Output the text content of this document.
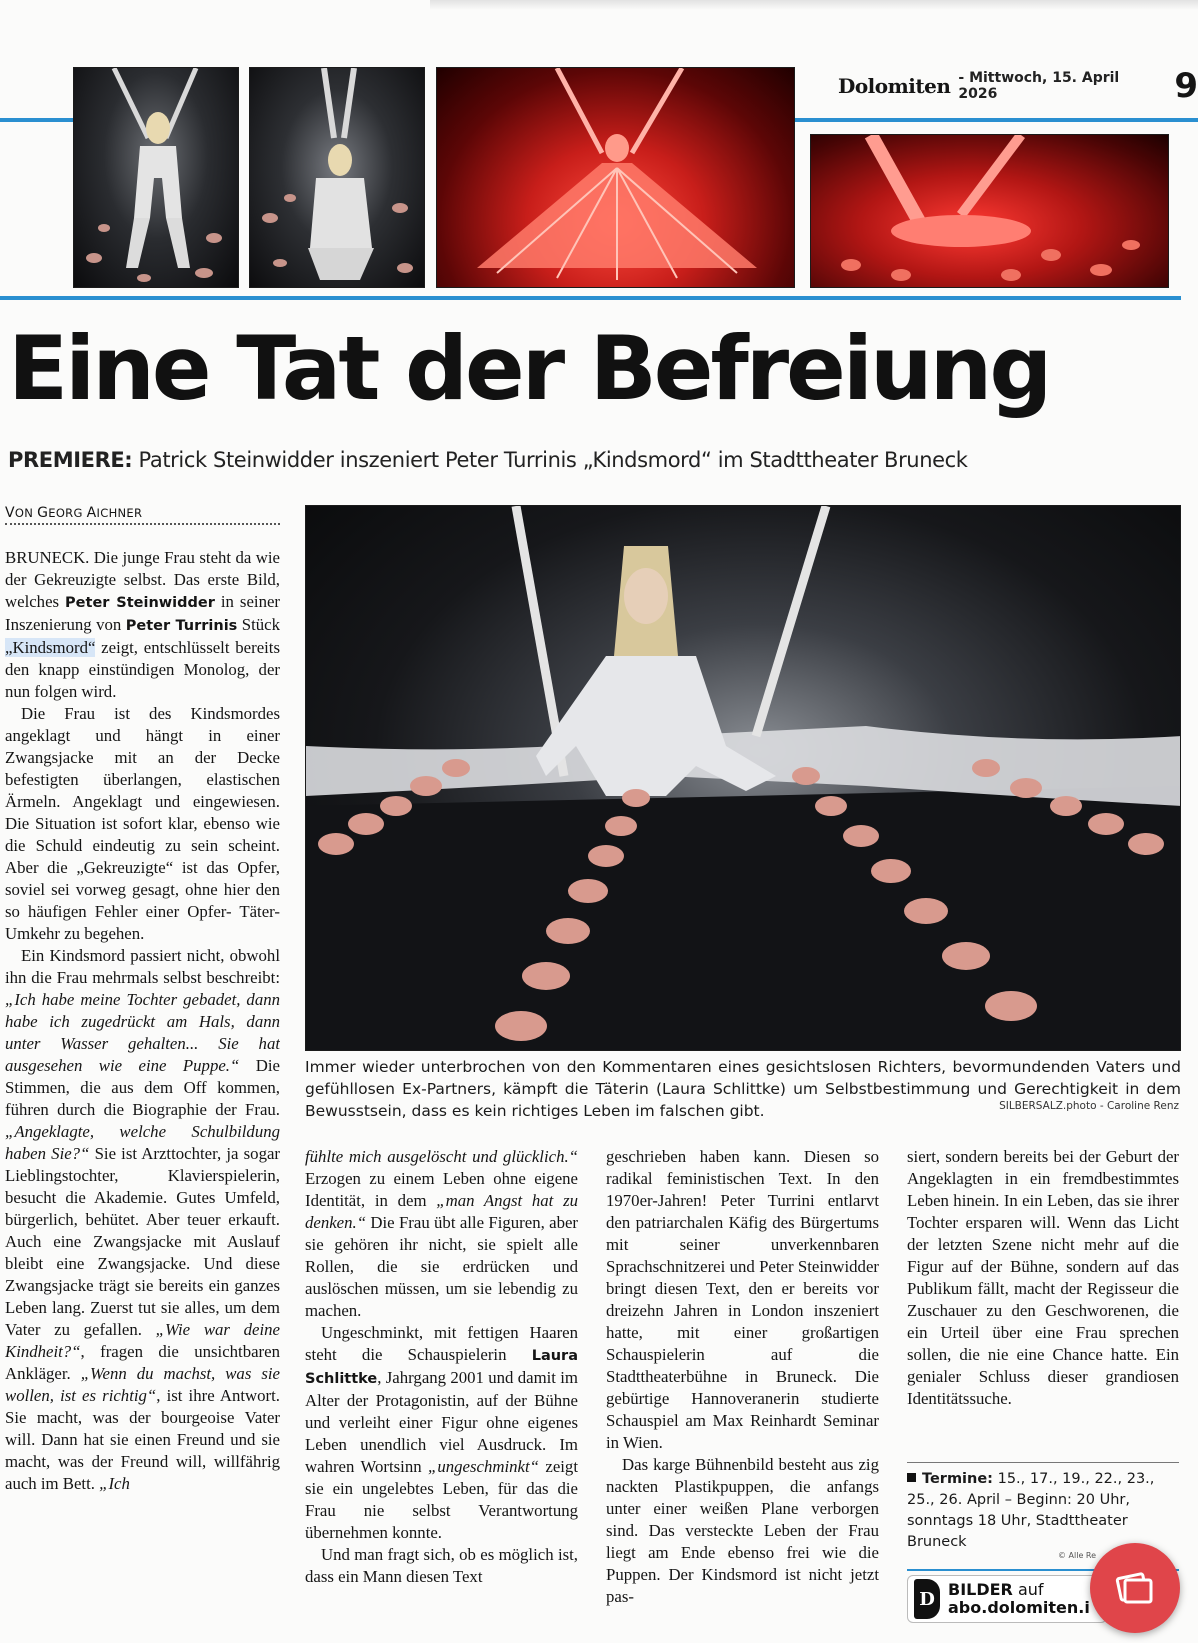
Dolomiten - Mittwoch, 15. April 2026	9
Eine Tat der Befreiung
PREMIERE: Patrick Steinwidder inszeniert Peter Turrinis „Kindsmord“ im Stadttheater Bruneck
VON GEORG AICHNER

BRUNECK. Die junge Frau steht da wie der Gekreuzigte selbst. Das erste Bild, welches Peter Steinwidder in seiner Inszenierung von Peter Turrinis Stück „Kindsmord“ zeigt, entschlüsselt bereits den knapp einstündigen Monolog, der nun folgen wird.

Die Frau ist des Kindsmordes angeklagt und hängt in einer Zwangsjacke mit an der Decke befestigten überlangen, elastischen Ärmeln. Angeklagt und eingewiesen. Die Situation ist sofort klar, ebenso wie die Schuld eindeutig zu sein scheint. Aber die „Gekreuzigte“ ist das Opfer, soviel sei vorweg gesagt, ohne hier den so häufigen Fehler einer Opfer- Täter- Umkehr zu begehen.

Ein Kindsmord passiert nicht, obwohl ihn die Frau mehrmals selbst beschreibt: „Ich habe meine Tochter gebadet, dann habe ich zugedrückt am Hals, dann unter Wasser gehalten... Sie hat ausgesehen wie eine Puppe.“ Die Stimmen, die aus dem Off kommen, führen durch die Biographie der Frau. „Angeklagte, welche Schulbildung haben Sie?“ Sie ist Arzttochter, ja sogar Lieblingstochter, Klavierspielerin, besucht die Akademie. Gutes Umfeld, bürgerlich, behütet. Aber teuer erkauft. Auch eine Zwangsjacke mit Auslauf bleibt eine Zwangsjacke. Und diese Zwangsjacke trägt sie bereits ein ganzes Leben lang. Zuerst tut sie alles, um dem Vater zu gefallen. „Wie war deine Kindheit?“, fragen die unsichtbaren Ankläger. „Wenn du machst, was sie wollen, ist es richtig“, ist ihre Antwort. Sie macht, was der bourgeoise Vater will. Dann hat sie einen Freund und sie macht, was der Freund will, willfährig auch im Bett. „Ich

Immer wieder unterbrochen von den Kommentaren eines gesichtslosen Richters, bevormundenden Vaters und gefühllosen Ex-Partners, kämpft die Täterin (Laura Schlittke) um Selbstbestimmung und Gerechtigkeit in dem Bewusstsein, dass es kein richtiges Leben im falschen gibt.	SILBERSALZ.photo - Caroline Renz

fühlte mich ausgelöscht und glücklich.“ Erzogen zu einem Leben ohne eigene Identität, in dem „man Angst hat zu denken.“ Die Frau übt alle Figuren, aber sie gehören ihr nicht, sie spielt alle Rollen, die sie erdrücken und auslöschen müssen, um sie lebendig zu machen.

Ungeschminkt, mit fettigen Haaren steht die Schauspielerin Laura Schlittke, Jahrgang 2001 und damit im Alter der Protagonistin, auf der Bühne und verleiht einer Figur ohne eigenes Leben unendlich viel Ausdruck. Im wahren Wortsinn „ungeschminkt“ zeigt sie ein ungelebtes Leben, für das die Frau nie selbst Verantwortung übernehmen konnte.

Und man fragt sich, ob es möglich ist, dass ein Mann diesen Text

geschrieben haben kann. Diesen so radikal feministischen Text. In den 1970er-Jahren! Peter Turrini entlarvt den patriarchalen Käfig des Bürgertums mit seiner unverkennbaren Sprachschnitzerei und Peter Steinwidder bringt diesen Text, den er bereits vor dreizehn Jahren in London inszeniert hatte, mit einer großartigen Schauspielerin auf die Stadttheaterbühne in Bruneck. Die gebürtige Hannoveranerin studierte Schauspiel am Max Reinhardt Seminar in Wien.

Das karge Bühnenbild besteht aus zig nackten Plastikpuppen, die anfangs unter einer weißen Plane verborgen sind. Das versteckte Leben der Frau liegt am Ende ebenso frei wie die Puppen. Der Kindsmord ist nicht jetzt pas-

siert, sondern bereits bei der Geburt der Angeklagten in ein fremdbestimmtes Leben hinein. In ein Leben, das sie ihrer Tochter ersparen will. Wenn das Licht der letzten Szene nicht mehr auf die Figur auf der Bühne, sondern auf das Publikum fällt, macht der Regisseur die Zuschauer zu den Geschworenen, die ein Urteil über eine Frau sprechen sollen, die nie eine Chance hatte. Ein genialer Schluss dieser grandiosen Identitätssuche.

Termine: 15., 17., 19., 22., 23., 25., 26. April – Beginn: 20 Uhr, sonntags 18 Uhr, Stadttheater Bruneck
© Alle Re
D BILDER auf
abo.dolomiten.i
